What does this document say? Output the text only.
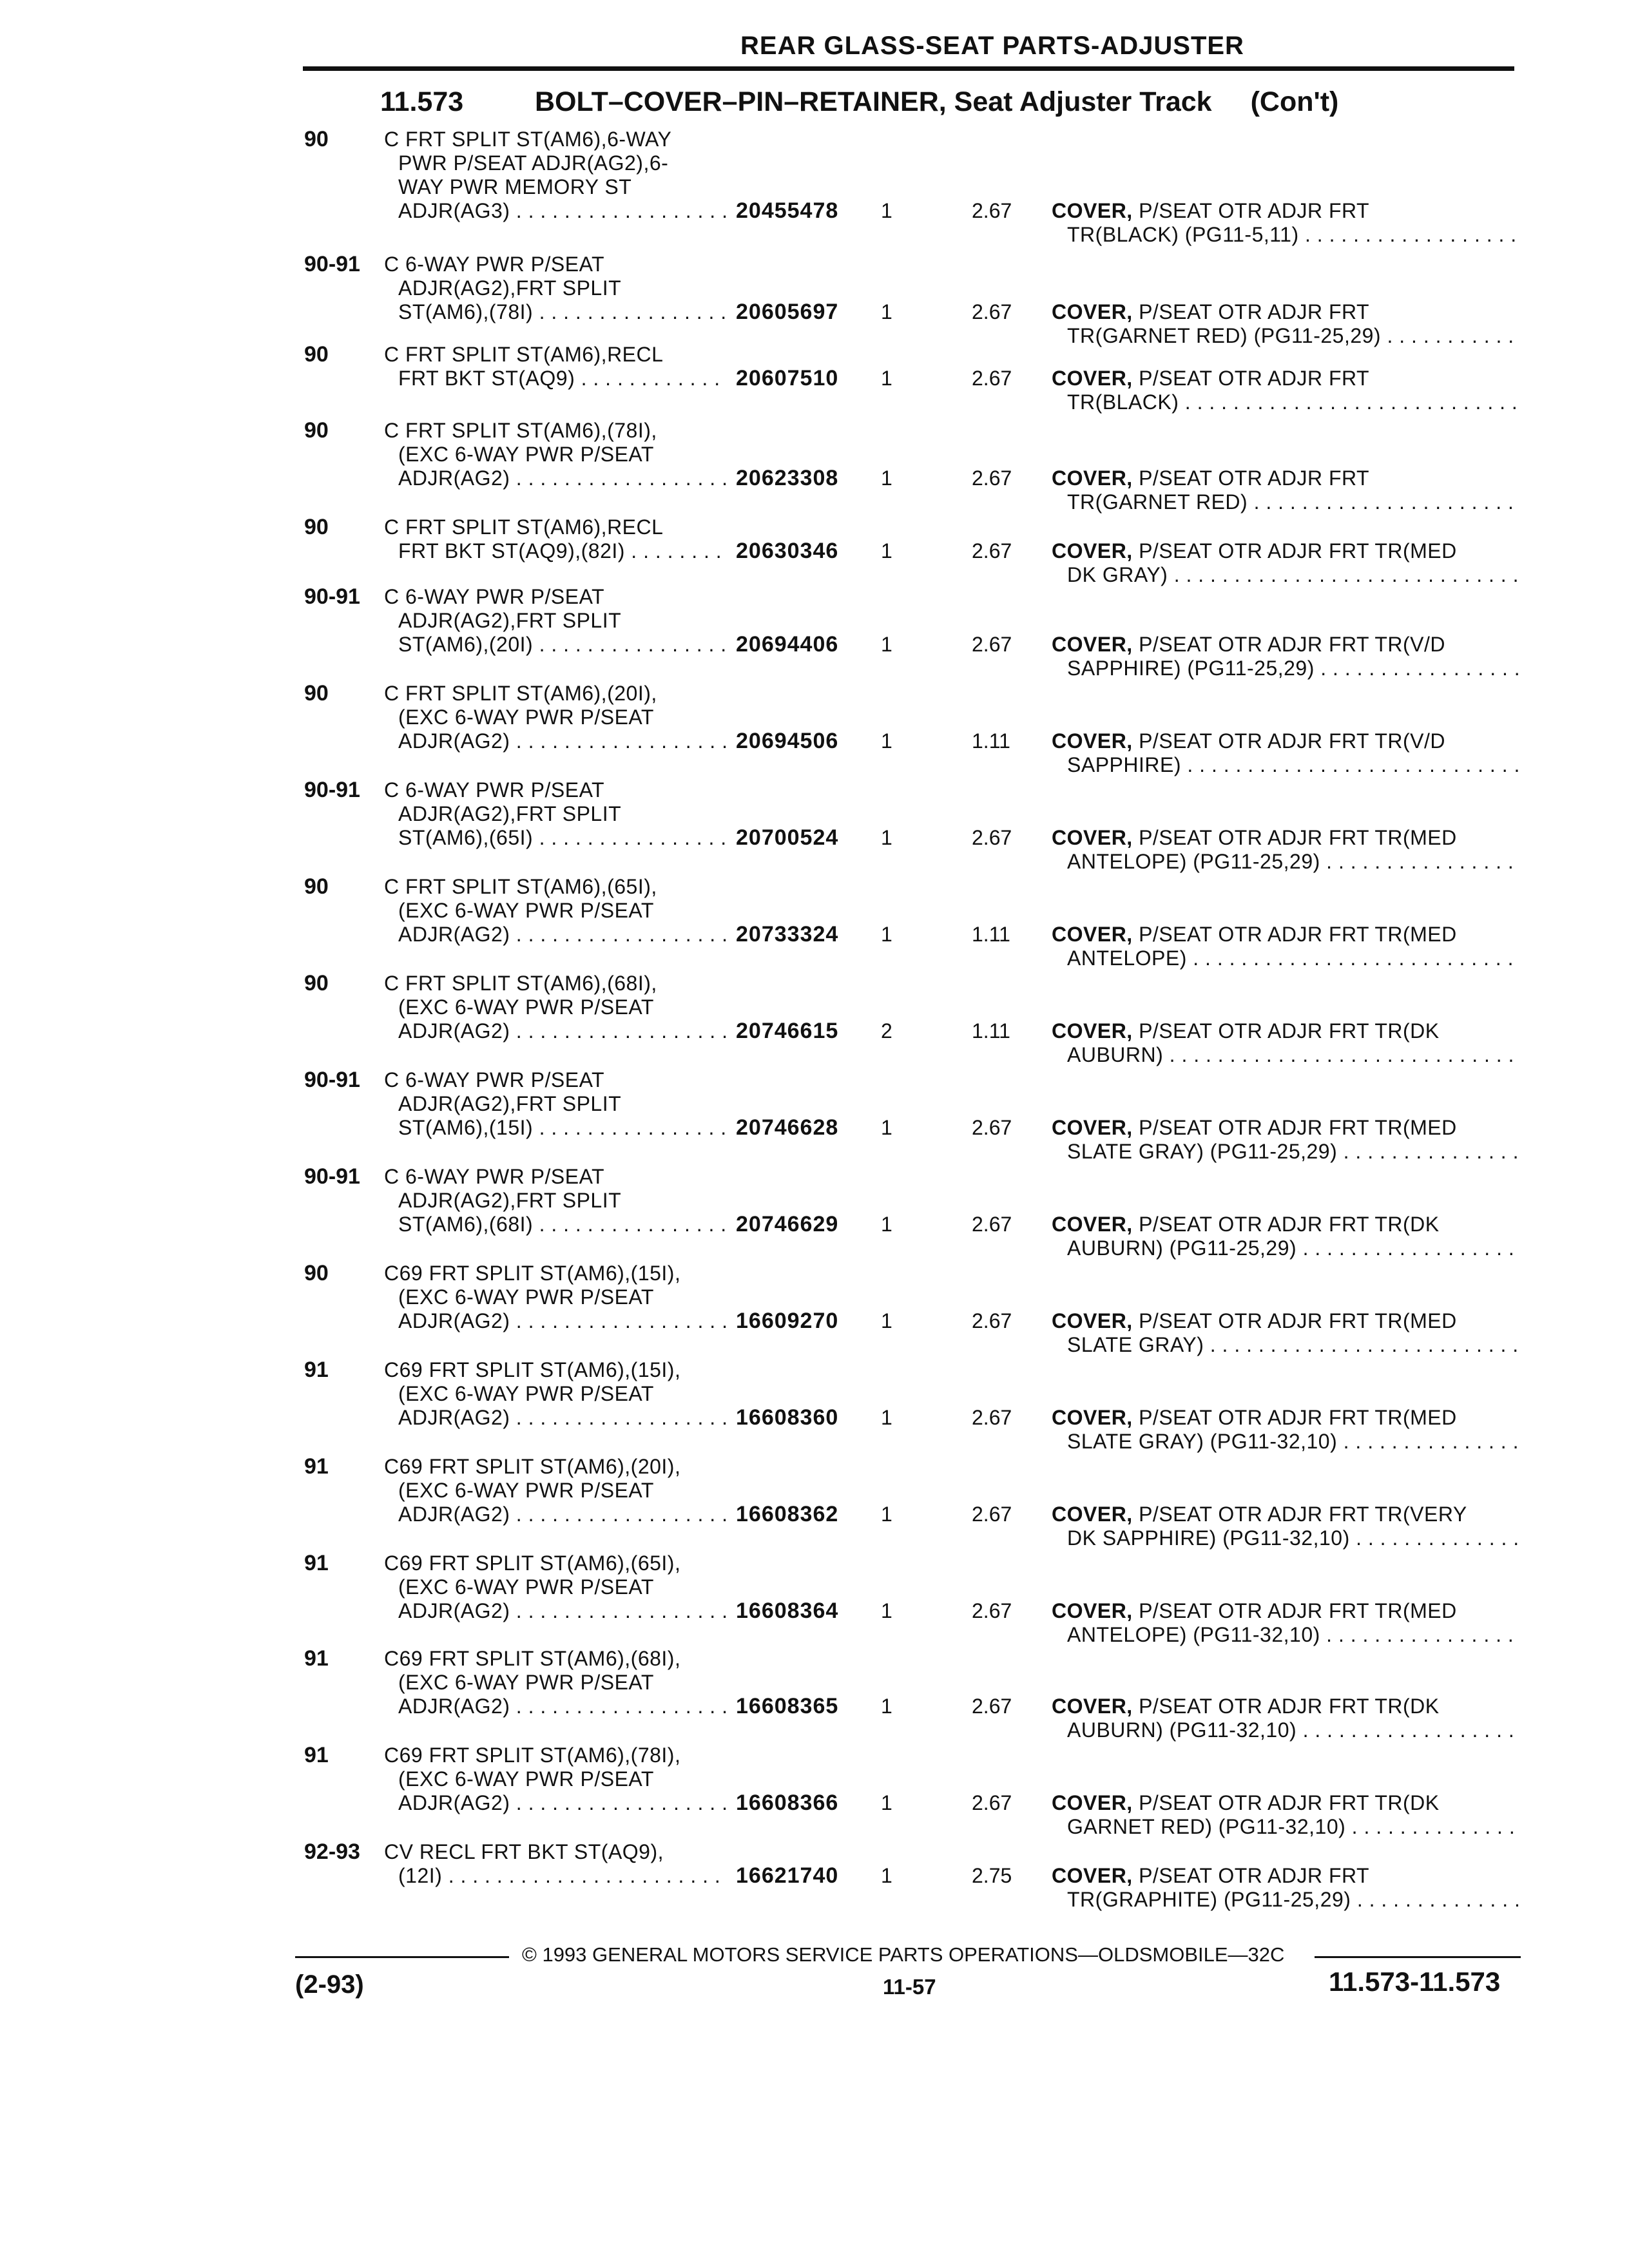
REAR GLASS-SEAT PARTS-ADJUSTER
11.573	BOLT–COVER–PIN–RETAINER, Seat Adjuster Track (Con't)
90	C FRT SPLIT ST(AM6),6-WAY
PWR P/SEAT ADJR(AG2),6-
WAY PWR MEMORY ST
ADJR(AG3) . . .	20455478 1	2.67 COVER, P/SEAT OTR ADJR FRT
TR(BLACK) (PG11-5,11) . . .
90-91	C 6-WAY PWR P/SEAT
ADJR(AG2),FRT SPLIT
ST(AM6),(78I) . . .	20605697 1	2.67 COVER, P/SEAT OTR ADJR FRT
TR(GARNET RED) (PG11-25,29) . . .
90	C FRT SPLIT ST(AM6),RECL
FRT BKT ST(AQ9) . . .	20607510 1	2.67 COVER, P/SEAT OTR ADJR FRT
TR(BLACK) . . .
90	C FRT SPLIT ST(AM6),(78I),
(EXC 6-WAY PWR P/SEAT
ADJR(AG2) . . .	20623308 1	2.67 COVER, P/SEAT OTR ADJR FRT
TR(GARNET RED) . . .
90	C FRT SPLIT ST(AM6),RECL
FRT BKT ST(AQ9),(82I) . . .	20630346 1	2.67 COVER, P/SEAT OTR ADJR FRT TR(MED
DK GRAY) . . .
90-91	C 6-WAY PWR P/SEAT
ADJR(AG2),FRT SPLIT
ST(AM6),(20I) . . .	20694406 1	2.67 COVER, P/SEAT OTR ADJR FRT TR(V/D
SAPPHIRE) (PG11-25,29) . . .
90	C FRT SPLIT ST(AM6),(20I),
(EXC 6-WAY PWR P/SEAT
ADJR(AG2) . . .	20694506 1	1.11 COVER, P/SEAT OTR ADJR FRT TR(V/D
SAPPHIRE) . . .
90-91	C 6-WAY PWR P/SEAT
ADJR(AG2),FRT SPLIT
ST(AM6),(65I) . . .	20700524 1	2.67 COVER, P/SEAT OTR ADJR FRT TR(MED
ANTELOPE) (PG11-25,29) . . .
90	C FRT SPLIT ST(AM6),(65I),
(EXC 6-WAY PWR P/SEAT
ADJR(AG2) . . .	20733324 1	1.11 COVER, P/SEAT OTR ADJR FRT TR(MED
ANTELOPE) . . .
90	C FRT SPLIT ST(AM6),(68I),
(EXC 6-WAY PWR P/SEAT
ADJR(AG2) . . .	20746615 2	1.11 COVER, P/SEAT OTR ADJR FRT TR(DK
AUBURN) . . .
90-91	C 6-WAY PWR P/SEAT
ADJR(AG2),FRT SPLIT
ST(AM6),(15I) . . .	20746628 1	2.67 COVER, P/SEAT OTR ADJR FRT TR(MED
SLATE GRAY) (PG11-25,29) . . .
90-91	C 6-WAY PWR P/SEAT
ADJR(AG2),FRT SPLIT
ST(AM6),(68I) . . .	20746629 1	2.67 COVER, P/SEAT OTR ADJR FRT TR(DK
AUBURN) (PG11-25,29) . . .
90	C69 FRT SPLIT ST(AM6),(15I),
(EXC 6-WAY PWR P/SEAT
ADJR(AG2) . . .	16609270 1	2.67 COVER, P/SEAT OTR ADJR FRT TR(MED
SLATE GRAY) . . .
91	C69 FRT SPLIT ST(AM6),(15I),
(EXC 6-WAY PWR P/SEAT
ADJR(AG2) . . .	16608360 1	2.67 COVER, P/SEAT OTR ADJR FRT TR(MED
SLATE GRAY) (PG11-32,10) . . .
91	C69 FRT SPLIT ST(AM6),(20I),
(EXC 6-WAY PWR P/SEAT
ADJR(AG2) . . .	16608362 1	2.67 COVER, P/SEAT OTR ADJR FRT TR(VERY
DK SAPPHIRE) (PG11-32,10) . . .
91	C69 FRT SPLIT ST(AM6),(65I),
(EXC 6-WAY PWR P/SEAT
ADJR(AG2) . . .	16608364 1	2.67 COVER, P/SEAT OTR ADJR FRT TR(MED
ANTELOPE) (PG11-32,10) . . .
91	C69 FRT SPLIT ST(AM6),(68I),
(EXC 6-WAY PWR P/SEAT
ADJR(AG2) . . .	16608365 1	2.67 COVER, P/SEAT OTR ADJR FRT TR(DK
AUBURN) (PG11-32,10) . . .
91	C69 FRT SPLIT ST(AM6),(78I),
(EXC 6-WAY PWR P/SEAT
ADJR(AG2) . . .	16608366 1	2.67 COVER, P/SEAT OTR ADJR FRT TR(DK
GARNET RED) (PG11-32,10) . . .
92-93	CV RECL FRT BKT ST(AQ9),
(12I) . . .	16621740 1	2.75 COVER, P/SEAT OTR ADJR FRT
TR(GRAPHITE) (PG11-25,29) . . .
© 1993 GENERAL MOTORS SERVICE PARTS OPERATIONS—OLDSMOBILE—32C
(2-93)	11-57	11.573-11.573
